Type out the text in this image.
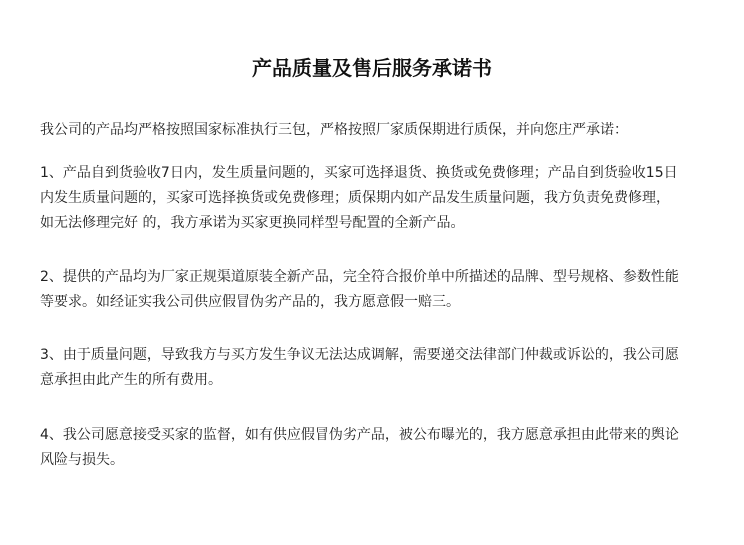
产品质量及售后服务承诺书

我公司的产品均严格按照国家标准执行三包，严格按照厂家质保期进行质保，并向您庄严承诺：

1、产品自到货验收7日内，发生质量问题的，买家可选择退货、换货或免费修理；产品自到货验收15日
内发生质量问题的，买家可选择换货或免费修理；质保期内如产品发生质量问题，我方负责免费修理，
如无法修理完好 的，我方承诺为买家更换同样型号配置的全新产品。

2、提供的产品均为厂家正规渠道原装全新产品，完全符合报价单中所描述的品牌、型号规格、参数性能
等要求。如经证实我公司供应假冒伪劣产品的，我方愿意假一赔三。

3、由于质量问题，导致我方与买方发生争议无法达成调解，需要递交法律部门仲裁或诉讼的，我公司愿
意承担由此产生的所有费用。

4、我公司愿意接受买家的监督，如有供应假冒伪劣产品，被公布曝光的，我方愿意承担由此带来的舆论
风险与损失。
